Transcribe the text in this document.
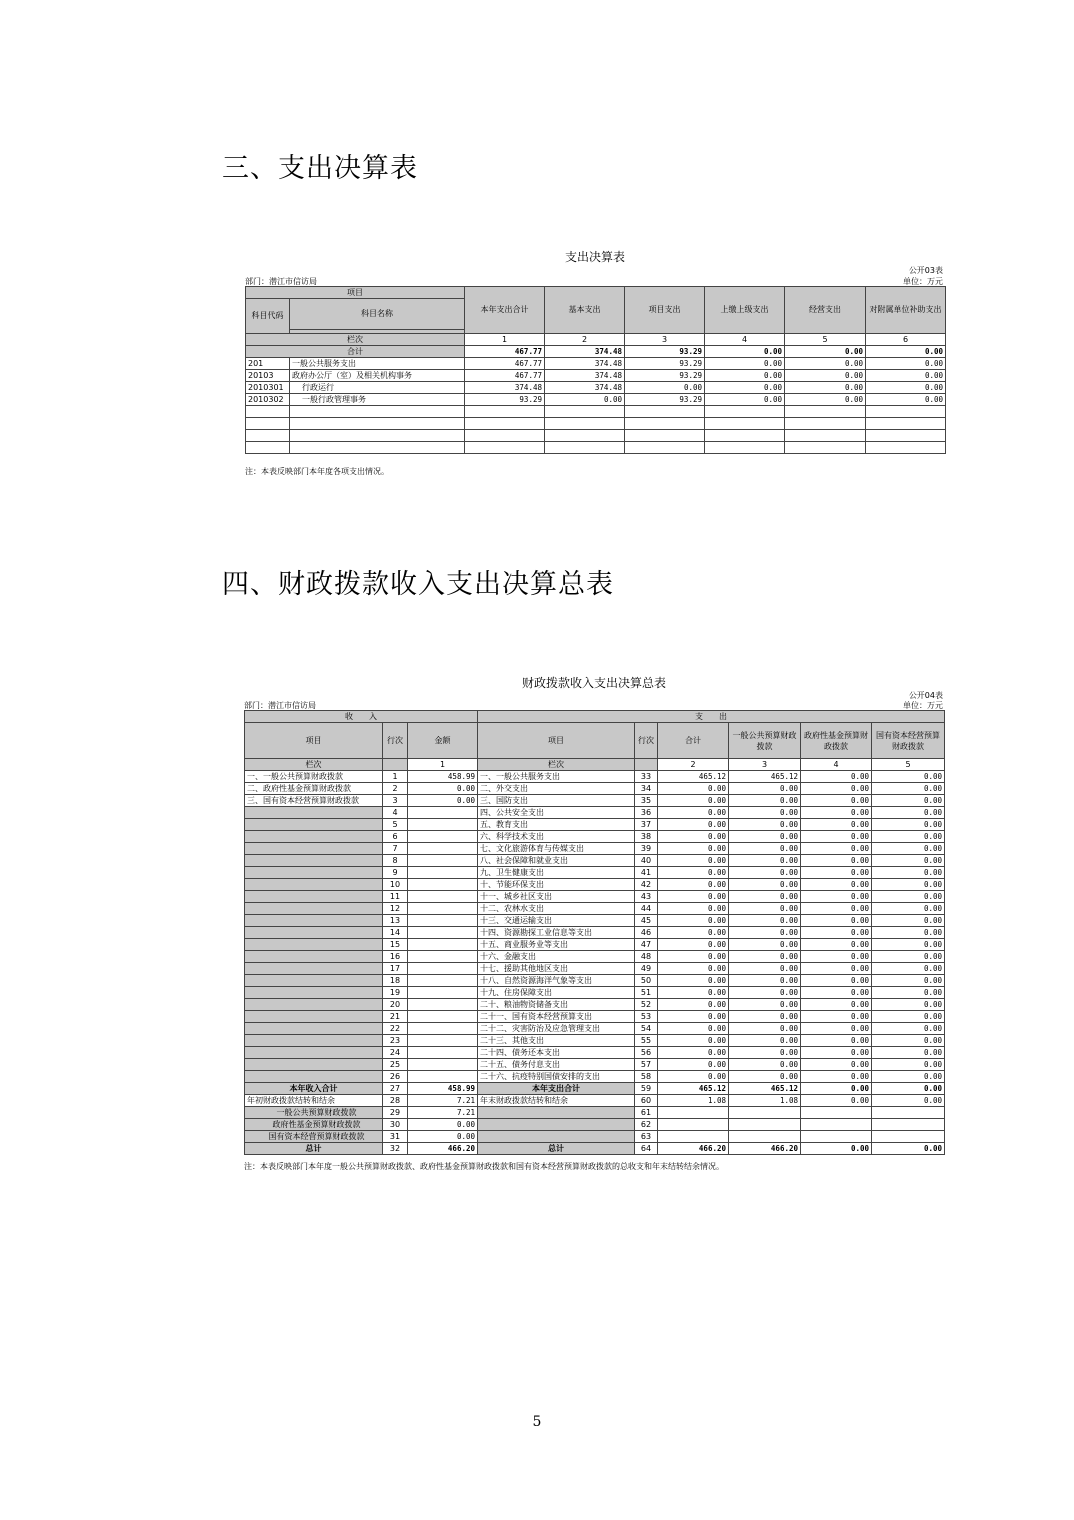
三、支出决算表
支出决算表
公开03表
部门：潜江市信访局	单位：万元
项目		本年支出合计	基本支出	项目支出	上缴上级支出	经营支出	对附属单位补助支出
科目代码	科目名称						

栏次		1	2	3	4	5	6
合计		467.77	374.48	93.29	0.00	0.00	0.00
201	一般公共服务支出	467.77	374.48	93.29	0.00	0.00	0.00
20103	政府办公厅（室）及相关机构事务	467.77	374.48	93.29	0.00	0.00	0.00
2010301	行政运行	374.48	374.48	0.00	0.00	0.00	0.00
2010302	一般行政管理事务	93.29	0.00	93.29	0.00	0.00	0.00

注：本表反映部门本年度各项支出情况。
四、财政拨款收入支出决算总表
财政拨款收入支出决算总表
公开04表
部门：潜江市信访局	单位：万元
收　　入			支　　出					
项目	行次	金额	项目	行次	合计	一般公共预算财政拨款	政府性基金预算财政拨款	国有资本经营预算财政拨款
栏次		1	栏次		2	3	4	5
一、一般公共预算财政拨款	1	458.99	一、一般公共服务支出	33	465.12	465.12	0.00	0.00
二、政府性基金预算财政拨款	2	0.00	二、外交支出	34	0.00	0.00	0.00	0.00
三、国有资本经营预算财政拨款	3	0.00	三、国防支出	35	0.00	0.00	0.00	0.00
	4		四、公共安全支出	36	0.00	0.00	0.00	0.00
	5		五、教育支出	37	0.00	0.00	0.00	0.00
	6		六、科学技术支出	38	0.00	0.00	0.00	0.00
	7		七、文化旅游体育与传媒支出	39	0.00	0.00	0.00	0.00
	8		八、社会保障和就业支出	40	0.00	0.00	0.00	0.00
	9		九、卫生健康支出	41	0.00	0.00	0.00	0.00
	10		十、节能环保支出	42	0.00	0.00	0.00	0.00
	11		十一、城乡社区支出	43	0.00	0.00	0.00	0.00
	12		十二、农林水支出	44	0.00	0.00	0.00	0.00
	13		十三、交通运输支出	45	0.00	0.00	0.00	0.00
	14		十四、资源勘探工业信息等支出	46	0.00	0.00	0.00	0.00
	15		十五、商业服务业等支出	47	0.00	0.00	0.00	0.00
	16		十六、金融支出	48	0.00	0.00	0.00	0.00
	17		十七、援助其他地区支出	49	0.00	0.00	0.00	0.00
	18		十八、自然资源海洋气象等支出	50	0.00	0.00	0.00	0.00
	19		十九、住房保障支出	51	0.00	0.00	0.00	0.00
	20		二十、粮油物资储备支出	52	0.00	0.00	0.00	0.00
	21		二十一、国有资本经营预算支出	53	0.00	0.00	0.00	0.00
	22		二十二、灾害防治及应急管理支出	54	0.00	0.00	0.00	0.00
	23		二十三、其他支出	55	0.00	0.00	0.00	0.00
	24		二十四、债务还本支出	56	0.00	0.00	0.00	0.00
	25		二十五、债务付息支出	57	0.00	0.00	0.00	0.00
	26		二十六、抗疫特别国债安排的支出	58	0.00	0.00	0.00	0.00
本年收入合计	27	458.99	本年支出合计	59	465.12	465.12	0.00	0.00
年初财政拨款结转和结余	28	7.21	年末财政拨款结转和结余	60	1.08	1.08	0.00	0.00
一般公共预算财政拨款	29	7.21		61				
政府性基金预算财政拨款	30	0.00		62				
国有资本经营预算财政拨款	31	0.00		63				
总计	32	466.20	总计	64	466.20	466.20	0.00	0.00
注：本表反映部门本年度一般公共预算财政拨款、政府性基金预算财政拨款和国有资本经营预算财政拨款的总收支和年末结转结余情况。
5
